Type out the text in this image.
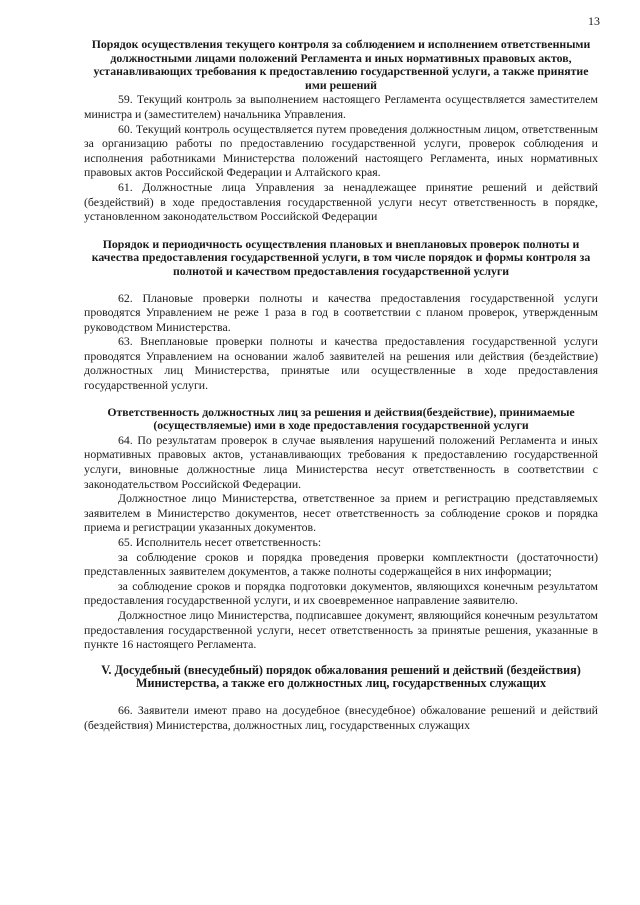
13
Порядок осуществления текущего контроля за соблюдением и исполнением ответственными должностными лицами положений Регламента и иных нормативных правовых актов, устанавливающих требования к предоставлению государственной услуги, а также принятие ими решений
59. Текущий контроль за выполнением настоящего Регламента осуществляется заместителем министра и (заместителем) начальника Управления.
60. Текущий контроль осуществляется путем проведения должностным лицом, ответственным за организацию работы по предоставлению государственной услуги, проверок соблюдения и исполнения работниками Министерства положений настоящего Регламента, иных нормативных правовых актов Российской Федерации и Алтайского края.
61. Должностные лица Управления за ненадлежащее принятие решений и действий (бездействий) в ходе предоставления государственной услуги несут ответственность в порядке, установленном законодательством Российской Федерации
Порядок и периодичность осуществления плановых и внеплановых проверок полноты и качества предоставления государственной услуги, в том числе порядок и формы контроля за полнотой и качеством предоставления государственной услуги
62. Плановые проверки полноты и качества предоставления государственной услуги проводятся Управлением не реже 1 раза в год в соответствии с планом проверок, утвержденным руководством Министерства.
63. Внеплановые проверки полноты и качества предоставления государственной услуги проводятся Управлением на основании жалоб заявителей на решения или действия (бездействие) должностных лиц Министерства, принятые или осуществленные в ходе предоставления государственной услуги.
Ответственность должностных лиц за решения и действия(бездействие), принимаемые (осуществляемые) ими в ходе предоставления государственной услуги
64. По результатам проверок в случае выявления нарушений положений Регламента и иных нормативных правовых актов, устанавливающих требования к предоставлению государственной услуги, виновные должностные лица Министерства несут ответственность в соответствии с законодательством Российской Федерации.
Должностное лицо Министерства, ответственное за прием и регистрацию представляемых заявителем в Министерство документов, несет ответственность за соблюдение сроков и порядка приема и регистрации указанных документов.
65. Исполнитель несет ответственность:
за соблюдение сроков и порядка проведения проверки комплектности (достаточности) представленных заявителем документов, а также полноты содержащейся в них информации;
за соблюдение сроков и порядка подготовки документов, являющихся конечным результатом предоставления государственной услуги, и их своевременное направление заявителю.
Должностное лицо Министерства, подписавшее документ, являющийся конечным результатом предоставления государственной услуги, несет ответственность за принятые решения, указанные в пункте 16 настоящего Регламента.
V. Досудебный (внесудебный) порядок обжалования решений и действий (бездействия) Министерства, а также его должностных лиц, государственных служащих
66. Заявители имеют право на досудебное (внесудебное) обжалование решений и действий (бездействия) Министерства, должностных лиц, государственных служащих
